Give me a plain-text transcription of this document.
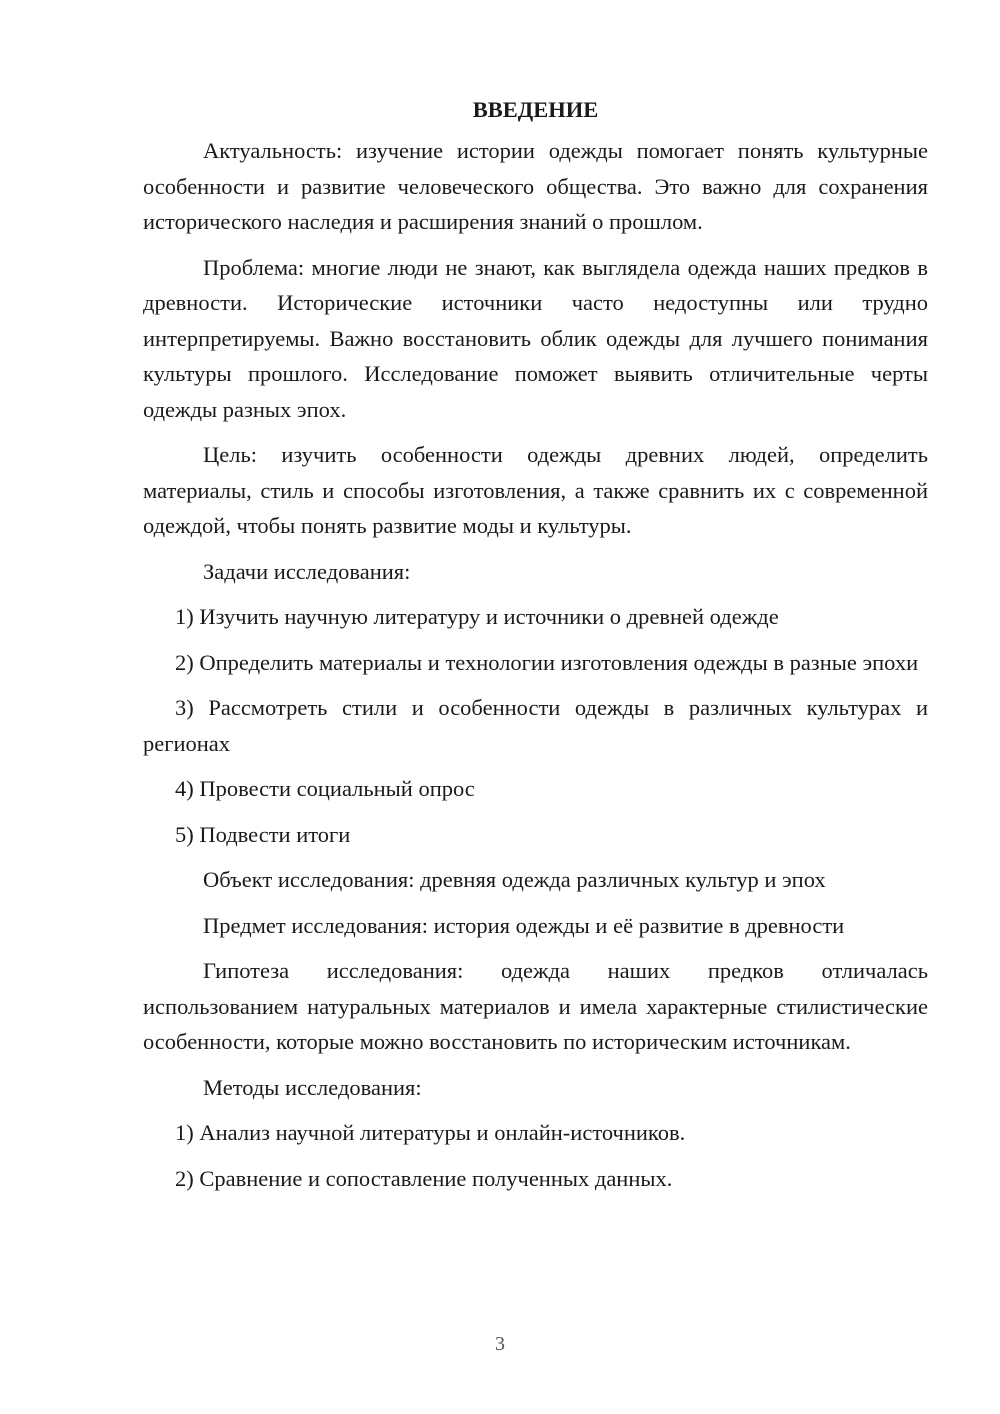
ВВЕДЕНИЕ

Актуальность: изучение истории одежды помогает понять культурные особенности и развитие человеческого общества. Это важно для сохранения исторического наследия и расширения знаний о прошлом.

Проблема: многие люди не знают, как выглядела одежда наших предков в древности. Исторические источники часто недоступны или трудно интерпретируемы. Важно восстановить облик одежды для лучшего понимания культуры прошлого. Исследование поможет выявить отличительные черты одежды разных эпох.

Цель: изучить особенности одежды древних людей, определить материалы, стиль и способы изготовления, а также сравнить их с современной одеждой, чтобы понять развитие моды и культуры.

Задачи исследования:

1) Изучить научную литературу и источники о древней одежде
2) Определить материалы и технологии изготовления одежды в разные эпохи
3) Рассмотреть стили и особенности одежды в различных культурах и регионах
4) Провести социальный опрос
5) Подвести итоги

Объект исследования: древняя одежда различных культур и эпох

Предмет исследования: история одежды и её развитие в древности

Гипотеза исследования: одежда наших предков отличалась использованием натуральных материалов и имела характерные стилистические особенности, которые можно восстановить по историческим источникам.

Методы исследования:

1) Анализ научной литературы и онлайн-источников.
2) Сравнение и сопоставление полученных данных.
3
